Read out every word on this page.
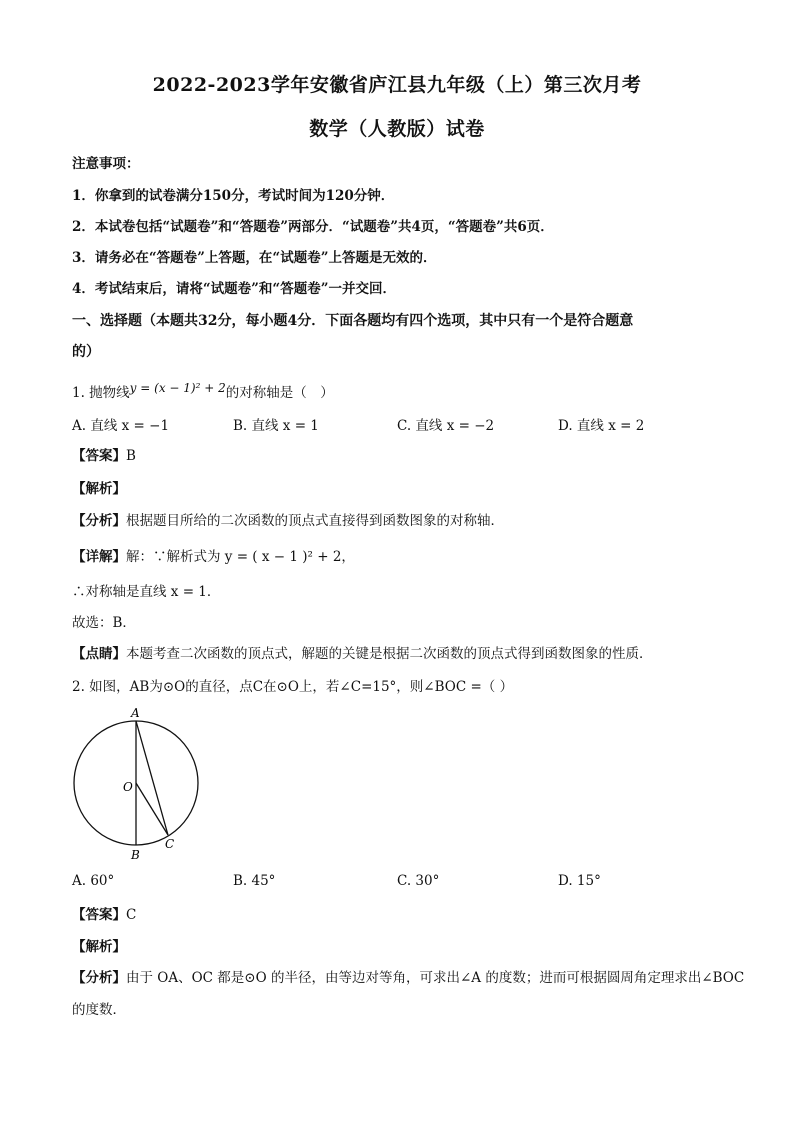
2022-2023学年安徽省庐江县九年级（上）第三次月考
数学（人教版）试卷
注意事项：
1．你拿到的试卷满分150分，考试时间为120分钟．
2．本试卷包括“试题卷”和“答题卷”两部分．“试题卷”共4页，“答题卷”共6页．
3．请务必在“答题卷”上答题，在“试题卷”上答题是无效的．
4．考试结束后，请将“试题卷”和“答题卷”一并交回．
一、选择题（本题共32分，每小题4分．下面各题均有四个选项，其中只有一个是符合题意
的）
1. 抛物线y = (x − 1)² + 2的对称轴是（　）
A. 直线 x = −1	B. 直线 x = 1	C. 直线 x = −2	D. 直线 x = 2
【答案】B
【解析】
【分析】根据题目所给的二次函数的顶点式直接得到函数图象的对称轴．
【详解】解：∵解析式为 y = ( x − 1 )² + 2，
∴对称轴是直线 x = 1．
故选：B．
【点睛】本题考查二次函数的顶点式，解题的关键是根据二次函数的顶点式得到函数图象的性质．
2. 如图，AB为⊙O的直径，点C在⊙O上，若∠C=15°，则∠BOC =（ ）
A
O
B
C
A. 60°	B. 45°	C. 30°	D. 15°
【答案】C
【解析】
【分析】由于 OA、OC 都是⊙O 的半径，由等边对等角，可求出∠A 的度数；进而可根据圆周角定理求出∠BOC
的度数．
